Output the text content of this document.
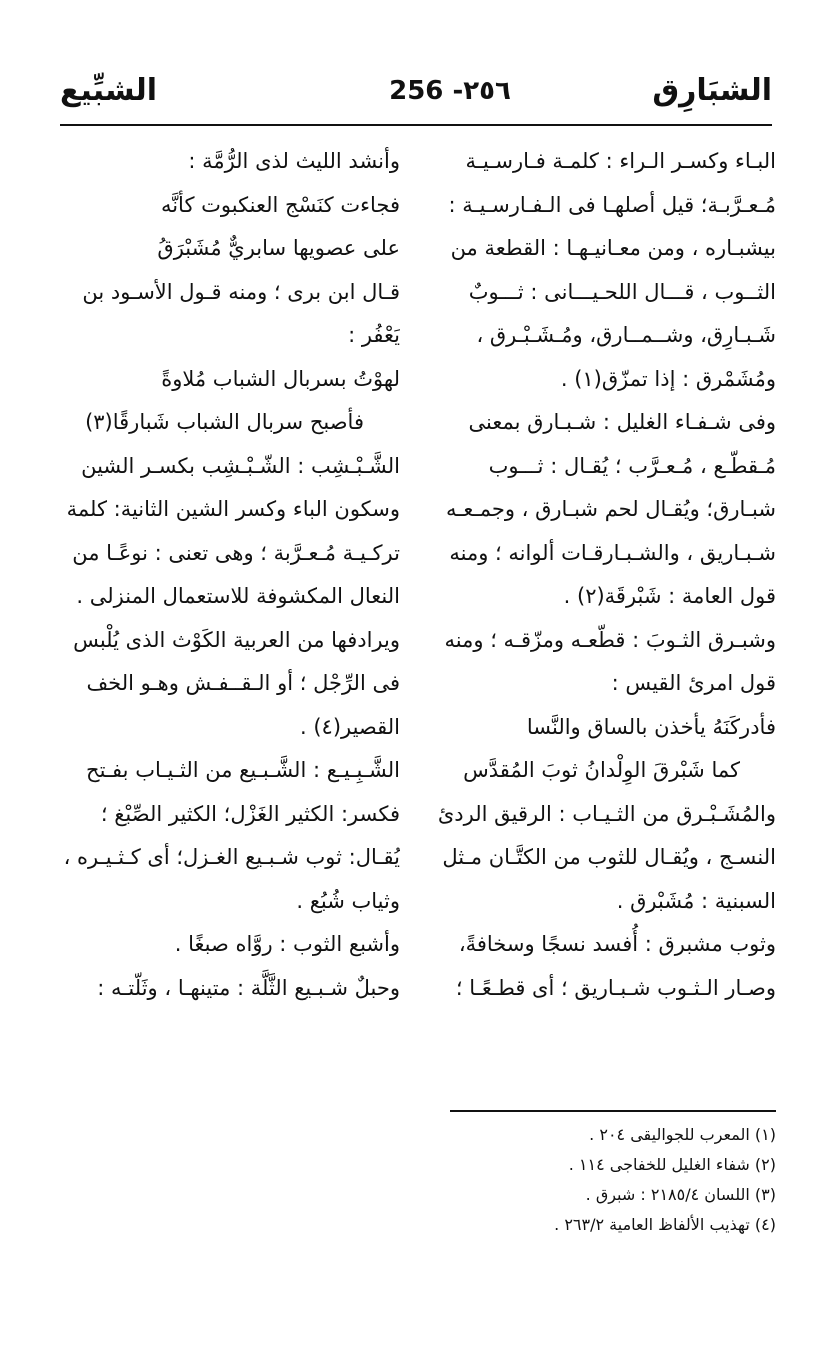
الشبَارِق
256 -٢٥٦
الشبِّيع
البـاء وكسـر الـراء : كلمـة فـارسـيـة
مُـعـرَّبـة؛ قيل أصلهـا فى الـفـارسـيـة :
بيشبـاره ، ومن معـانيـهـا : القطعة من
الثــوب ، قـــال اللحـيـــانى : ثـــوبٌ
شَـبـارِق، وشــمــارق، ومُـشَـبْـرق ،
ومُشَمْرق : إذا تمزّق(١) .
وفى شـفـاء الغليل : شـبـارق بمعنى
مُـقطّـع ، مُـعـرَّب ؛ يُقـال : ثـــوب
شبـارق؛ ويُقـال لحم شبـارق ، وجمـعـه
شـبـاريق ، والشـبـارقـات ألوانه ؛ ومنه
قول العامة : شَبْرقَة(٢) .
وشبـرق الثـوبَ : قطّعـه ومزّقـه ؛ ومنه
قول امرئ القيس :
فأدركَنَهُ يأخذن بالساق والنَّسا
كما شَبْرقَ الوِلْدانُ ثوبَ المُقدَّس
والمُشَـبْـرق من الثـيـاب : الرقيق الردئ
النسـج ، ويُقـال للثوب من الكتَّـان مـثل
السبنية : مُشَبْرق .
وثوب مشبرق : أُفسد نسجًا وسخافةً،
وصـار الـثـوب شـبـاريق ؛ أى قطـعًـا ؛
وأنشد الليث لذى الرُّمَّة :
فجاءت كنَسْج العنكبوت كأنَّه
على عصويها سابريٌّ مُشَبْرَقُ
قـال ابن برى ؛ ومنه قـول الأسـود بن
يَعْفُر :
لهوْتُ بسربال الشباب مُلاوةً
فأصبح سربال الشباب شَبارقًا(٣)
الشَّـبْـشِب : الشّـبْـشِب بكسـر الشين
وسكون الباء وكسر الشين الثانية: كلمة
تركـيـة مُـعـرَّبة ؛ وهى تعنى : نوعًـا من
النعال المكشوفة للاستعمال المنزلى .
ويرادفها من العربية الكَوْث الذى يُلْبس
فى الرِّجْل ؛ أو الـقــفـش وهـو الخف
القصير(٤) .
الشَّـبِـيـع : الشَّـبـيع من الثـيـاب بفـتح
فكسر: الكثير الغَزْل؛ الكثير الصِّبْغ ؛
يُقـال: ثوب شـبـيع الغـزل؛ أى كـثـيـره ،
وثياب شُبُع .
وأشبع الثوب : روَّاه صبغًا .
وحبلٌ شـبـيع الثَّلَّة : متينهـا ، وثَلّتـه :
(١) المعرب للجواليقى ٢٠٤ .
(٢) شفاء الغليل للخفاجى ١١٤ .
(٣) اللسان ٢١٨٥/٤ : شبرق .
(٤) تهذيب الألفاظ العامية ٢٦٣/٢ .
